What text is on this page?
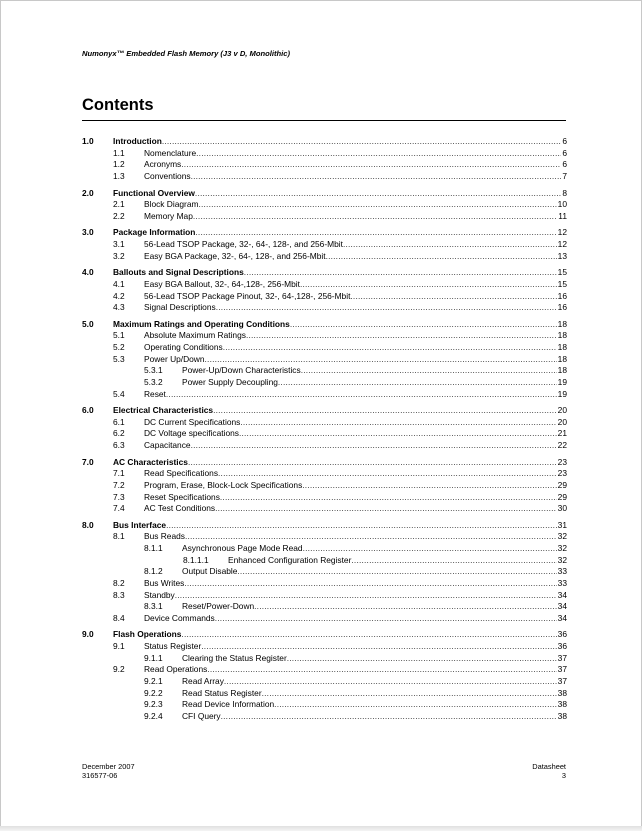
Numonyx™ Embedded Flash Memory (J3 v D, Monolithic)
Contents
1.0 Introduction .....	6
1.1 Nomenclature .....	6
1.2 Acronyms .....	6
1.3 Conventions .....	7
2.0 Functional Overview .....	8
2.1 Block Diagram .....	10
2.2 Memory Map .....	11
3.0 Package Information .....	12
3.1 56-Lead TSOP Package, 32-, 64-, 128-, and 256-Mbit .....	12
3.2 Easy BGA Package, 32-, 64-, 128-, and 256-Mbit .....	13
4.0 Ballouts and Signal Descriptions .....	15
4.1 Easy BGA Ballout, 32-, 64-,128-, 256-Mbit .....	15
4.2 56-Lead TSOP Package Pinout, 32-, 64-,128-, 256-Mbit .....	16
4.3 Signal Descriptions .....	16
5.0 Maximum Ratings and Operating Conditions .....	18
5.1 Absolute Maximum Ratings .....	18
5.2 Operating Conditions .....	18
5.3 Power Up/Down .....	18
5.3.1 Power-Up/Down Characteristics .....	18
5.3.2 Power Supply Decoupling .....	19
5.4 Reset .....	19
6.0 Electrical Characteristics .....	20
6.1 DC Current Specifications .....	20
6.2 DC Voltage specifications .....	21
6.3 Capacitance .....	22
7.0 AC Characteristics .....	23
7.1 Read Specifications .....	23
7.2 Program, Erase, Block-Lock Specifications .....	29
7.3 Reset Specifications .....	29
7.4 AC Test Conditions .....	30
8.0 Bus Interface .....	31
8.1 Bus Reads .....	32
8.1.1 Asynchronous Page Mode Read .....	32
8.1.1.1 Enhanced Configuration Register .....	32
8.1.2 Output Disable .....	33
8.2 Bus Writes .....	33
8.3 Standby .....	34
8.3.1 Reset/Power-Down .....	34
8.4 Device Commands .....	34
9.0 Flash Operations .....	36
9.1 Status Register .....	36
9.1.1 Clearing the Status Register .....	37
9.2 Read Operations .....	37
9.2.1 Read Array .....	37
9.2.2 Read Status Register .....	38
9.2.3 Read Device Information .....	38
9.2.4 CFI Query .....	38
December 2007
316577-06
Datasheet
3
